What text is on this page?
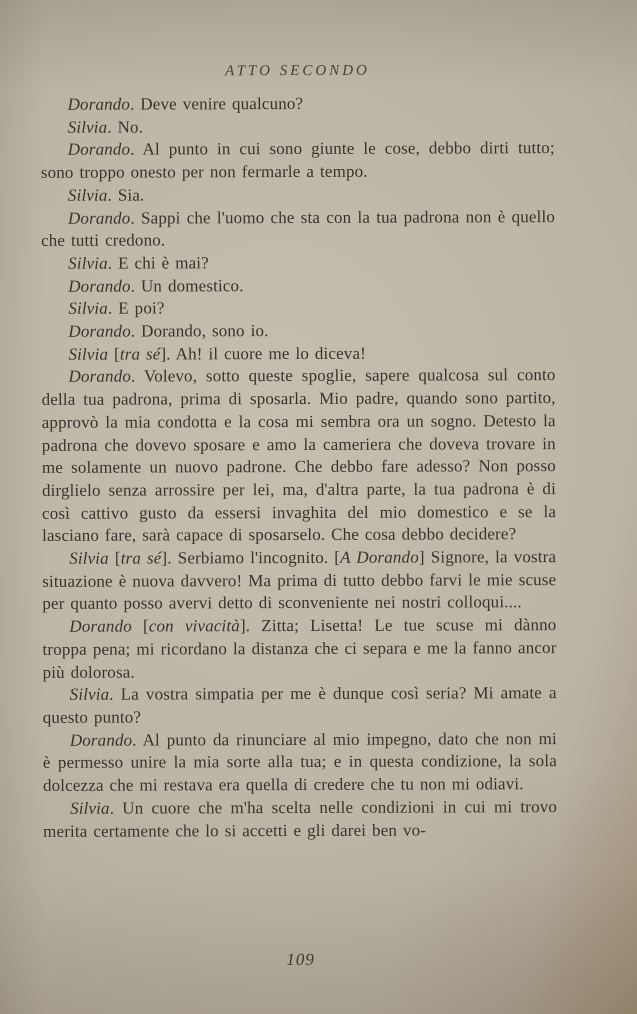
ATTO SECONDO

Dorando. Deve venire qualcuno?

Silvia. No.

Dorando. Al punto in cui sono giunte le cose, debbo dirti tutto; sono troppo onesto per non fermarle a tempo.

Silvia. Sia.

Dorando. Sappi che l'uomo che sta con la tua padrona non è quello che tutti credono.

Silvia. E chi è mai?

Dorando. Un domestico.

Silvia. E poi?

Dorando. Dorando, sono io.

Silvia [tra sé]. Ah! il cuore me lo diceva!

Dorando. Volevo, sotto queste spoglie, sapere qualcosa sul conto della tua padrona, prima di sposarla. Mio padre, quando sono partito, approvò la mia condotta e la cosa mi sembra ora un sogno. Detesto la padrona che dovevo sposare e amo la cameriera che doveva trovare in me solamente un nuovo padrone. Che debbo fare adesso? Non posso dirglielo senza arrossire per lei, ma, d'altra parte, la tua padrona è di così cattivo gusto da essersi invaghita del mio domestico e se la lasciano fare, sarà capace di sposarselo. Che cosa debbo decidere?

Silvia [tra sé]. Serbiamo l'incognito. [A Dorando] Signore, la vostra situazione è nuova davvero! Ma prima di tutto debbo farvi le mie scuse per quanto posso avervi detto di sconveniente nei nostri colloqui....

Dorando [con vivacità]. Zitta; Lisetta! Le tue scuse mi dànno troppa pena; mi ricordano la distanza che ci separa e me la fanno ancor più dolorosa.

Silvia. La vostra simpatia per me è dunque così seria? Mi amate a questo punto?

Dorando. Al punto da rinunciare al mio impegno, dato che non mi è permesso unire la mia sorte alla tua; e in questa condizione, la sola dolcezza che mi restava era quella di credere che tu non mi odiavi.

Silvia. Un cuore che m'ha scelta nelle condizioni in cui mi trovo merita certamente che lo si accetti e gli darei ben vo-

109
